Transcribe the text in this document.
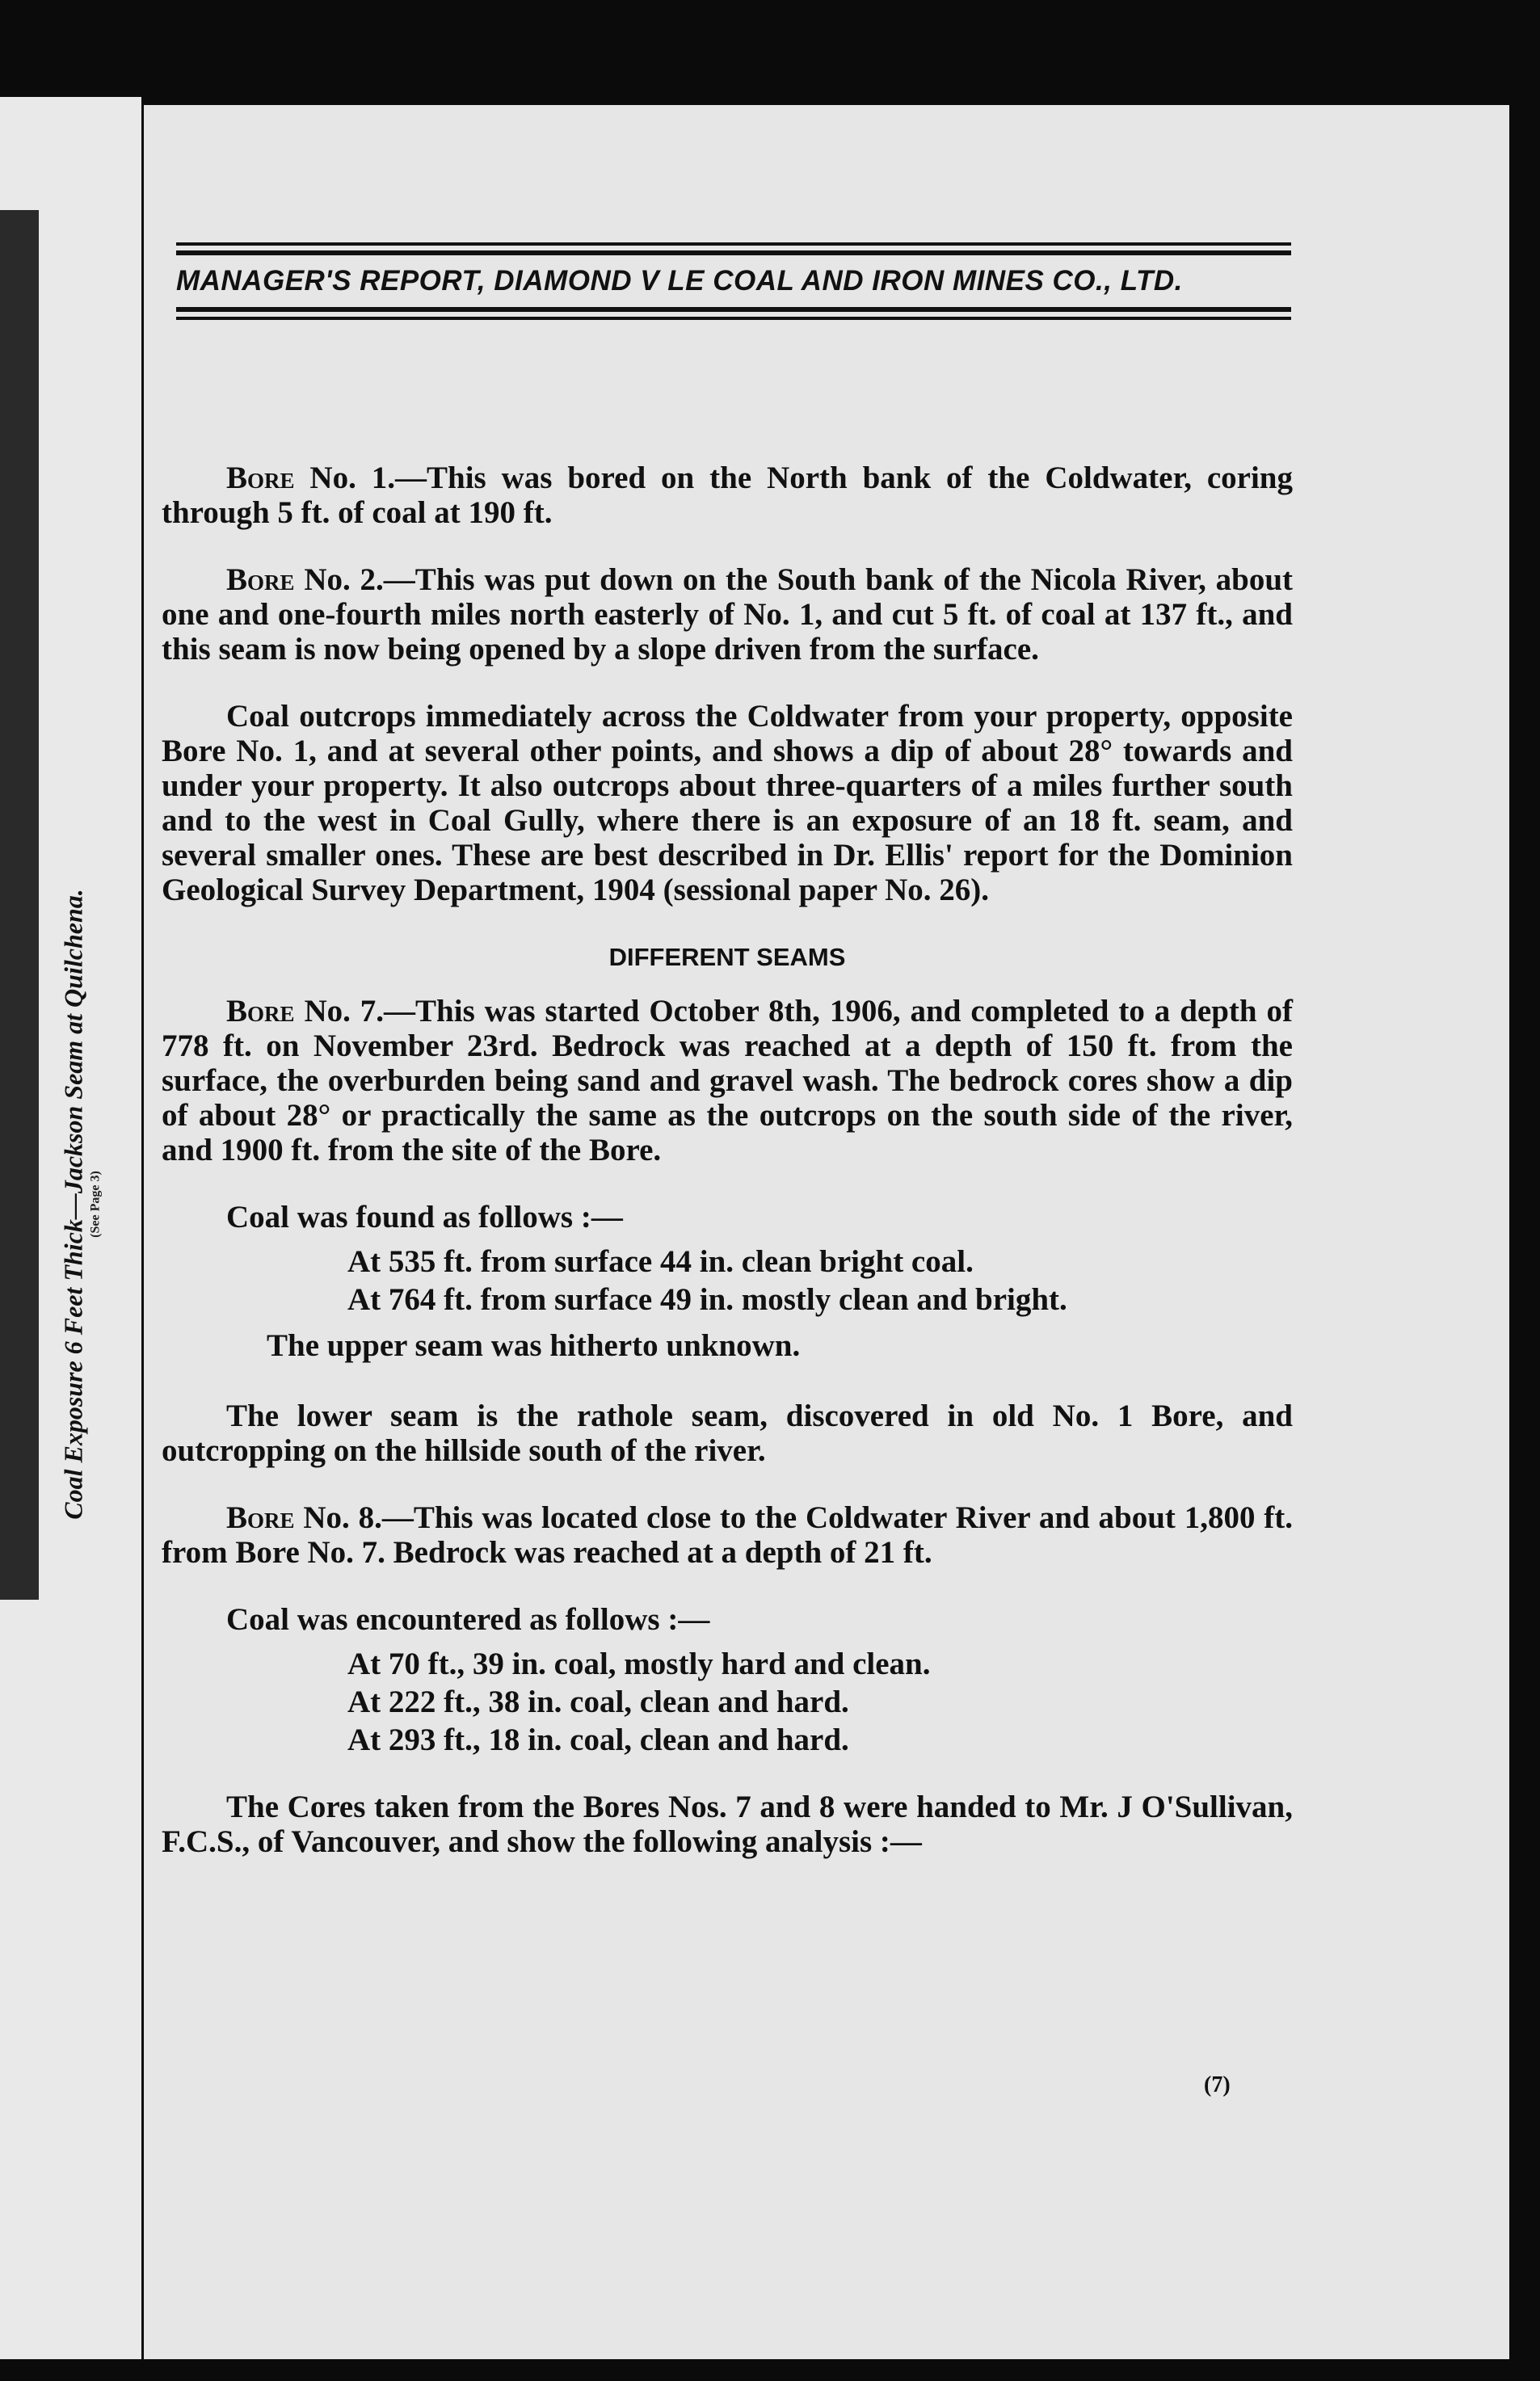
Coal Exposure 6 Feet Thick—Jackson Seam at Quilchena. (See Page 3)
MANAGER'S REPORT, DIAMOND V LE COAL AND IRON MINES CO., LTD.

Bore No. 1.—This was bored on the North bank of the Coldwater, coring through 5 ft. of coal at 190 ft.

Bore No. 2.—This was put down on the South bank of the Nicola River, about one and one-fourth miles north easterly of No. 1, and cut 5 ft. of coal at 137 ft., and this seam is now being opened by a slope driven from the surface.

Coal outcrops immediately across the Coldwater from your property, opposite Bore No. 1, and at several other points, and shows a dip of about 28° towards and under your property. It also outcrops about three-quarters of a miles further south and to the west in Coal Gully, where there is an exposure of an 18 ft. seam, and several smaller ones. These are best described in Dr. Ellis' report for the Dominion Geological Survey Department, 1904 (sessional paper No. 26).

DIFFERENT SEAMS

Bore No. 7.—This was started October 8th, 1906, and completed to a depth of 778 ft. on November 23rd. Bedrock was reached at a depth of 150 ft. from the surface, the overburden being sand and gravel wash. The bedrock cores show a dip of about 28° or practically the same as the outcrops on the south side of the river, and 1900 ft. from the site of the Bore.

Coal was found as follows :—
At 535 ft. from surface 44 in. clean bright coal.
At 764 ft. from surface 49 in. mostly clean and bright.
The upper seam was hitherto unknown.

The lower seam is the rathole seam, discovered in old No. 1 Bore, and outcropping on the hillside south of the river.

Bore No. 8.—This was located close to the Coldwater River and about 1,800 ft. from Bore No. 7. Bedrock was reached at a depth of 21 ft.

Coal was encountered as follows :—
At 70 ft., 39 in. coal, mostly hard and clean.
At 222 ft., 38 in. coal, clean and hard.
At 293 ft., 18 in. coal, clean and hard.

The Cores taken from the Bores Nos. 7 and 8 were handed to Mr. J O'Sullivan, F.C.S., of Vancouver, and show the following analysis :—

(7)
